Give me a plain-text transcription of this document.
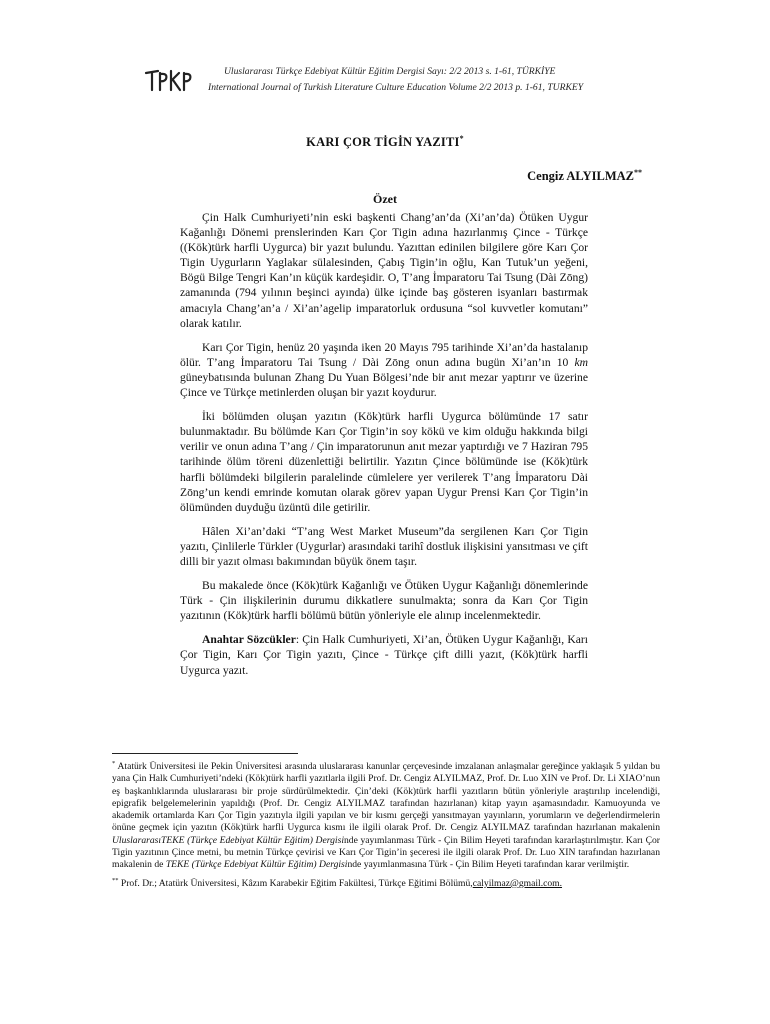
Uluslararası Türkçe Edebiyat Kültür Eğitim Dergisi Sayı: 2/2 2013 s. 1-61, TÜRKİYE
International Journal of Turkish Literature Culture Education Volume 2/2 2013 p. 1-61, TURKEY
KARI ÇOR TİGİN YAZITI*
Cengiz ALYILMAZ**
Özet

Çin Halk Cumhuriyeti’nin eski başkenti Chang’an’da (Xi’an’da) Ötüken Uygur Kağanlığı Dönemi prenslerinden Karı Çor Tigin adına hazırlanmış Çince - Türkçe ((Kök)türk harfli Uygurca) bir yazıt bulundu. Yazıttan edinilen bilgilere göre Karı Çor Tigin Uygurların Yaglakar sülalesinden, Çabış Tigin’in oğlu, Kan Tutuk’un yeğeni, Bögü Bilge Tengri Kan’ın küçük kardeşidir. O, T’ang İmparatoru Tai Tsung (Dài Zōng) zamanında (794 yılının beşinci ayında) ülke içinde baş gösteren isyanları bastırmak amacıyla Chang’an’a / Xi’an’agelip imparatorluk ordusuna “sol kuvvetler komutanı” olarak katılır.

Karı Çor Tigin, henüz 20 yaşında iken 20 Mayıs 795 tarihinde Xi’an’da hastalanıp ölür. T’ang İmparatoru Tai Tsung / Dài Zōng onun adına bugün Xi’an’ın 10 km güneybatısında bulunan Zhang Du Yuan Bölgesi’nde bir anıt mezar yaptırır ve üzerine Çince ve Türkçe metinlerden oluşan bir yazıt koydurur.

İki bölümden oluşan yazıtın (Kök)türk harfli Uygurca bölümünde 17 satır bulunmaktadır. Bu bölümde Karı Çor Tigin’in soy kökü ve kim olduğu hakkında bilgi verilir ve onun adına T’ang / Çin imparatorunun anıt mezar yaptırdığı ve 7 Haziran 795 tarihinde ölüm töreni düzenlettiği belirtilir. Yazıtın Çince bölümünde ise (Kök)türk harfli bölümdeki bilgilerin paralelinde cümlelere yer verilerek T’ang İmparatoru Dài Zōng’un kendi emrinde komutan olarak görev yapan Uygur Prensi Karı Çor Tigin’in ölümünden duyduğu üzüntü dile getirilir.

Hâlen Xi’an’daki “T’ang West Market Museum”da sergilenen Karı Çor Tigin yazıtı, Çinlilerle Türkler (Uygurlar) arasındaki tarihî dostluk ilişkisini yansıtması ve çift dilli bir yazıt olması bakımından büyük önem taşır.

Bu makalede önce (Kök)türk Kağanlığı ve Ötüken Uygur Kağanlığı dönemlerinde Türk - Çin ilişkilerinin durumu dikkatlere sunulmakta; sonra da Karı Çor Tigin yazıtının (Kök)türk harfli bölümü bütün yönleriyle ele alınıp incelenmektedir.

Anahtar Sözcükler: Çin Halk Cumhuriyeti, Xi’an, Ötüken Uygur Kağanlığı, Karı Çor Tigin, Karı Çor Tigin yazıtı, Çince - Türkçe çift dilli yazıt, (Kök)türk harfli Uygurca yazıt.

* Atatürk Üniversitesi ile Pekin Üniversitesi arasında uluslararası kanunlar çerçevesinde imzalanan anlaşmalar gereğince yaklaşık 5 yıldan bu yana Çin Halk Cumhuriyeti’ndeki (Kök)türk harfli yazıtlarla ilgili Prof. Dr. Cengiz ALYILMAZ, Prof. Dr. Luo XIN ve Prof. Dr. Li XIAO’nun eş başkanlıklarında uluslararası bir proje sürdürülmektedir. Çin’deki (Kök)türk harfli yazıtların bütün yönleriyle araştırılıp incelendiği, epigrafik belgelemelerinin yapıldığı (Prof. Dr. Cengiz ALYILMAZ tarafından hazırlanan) kitap yayın aşamasındadır. Kamuoyunda ve akademik ortamlarda Karı Çor Tigin yazıtıyla ilgili yapılan ve bir kısmı gerçeği yansıtmayan yayınların, yorumların ve değerlendirmelerin önüne geçmek için yazıtın (Kök)türk harfli Uygurca kısmı ile ilgili olarak Prof. Dr. Cengiz ALYILMAZ tarafından hazırlanan makalenin UluslararasıTEKE (Türkçe Edebiyat Kültür Eğitim) Dergisinde yayımlanması Türk - Çin Bilim Heyeti tarafından kararlaştırılmıştır. Karı Çor Tigin yazıtının Çince metni, bu metnin Türkçe çevirisi ve Karı Çor Tigin’in şeceresi ile ilgili olarak Prof. Dr. Luo XIN tarafından hazırlanan makalenin de TEKE (Türkçe Edebiyat Kültür Eğitim) Dergisinde yayımlanmasına Türk - Çin Bilim Heyeti tarafından karar verilmiştir.

** Prof. Dr.; Atatürk Üniversitesi, Kâzım Karabekir Eğitim Fakültesi, Türkçe Eğitimi Bölümü,calyilmaz@gmail.com.
